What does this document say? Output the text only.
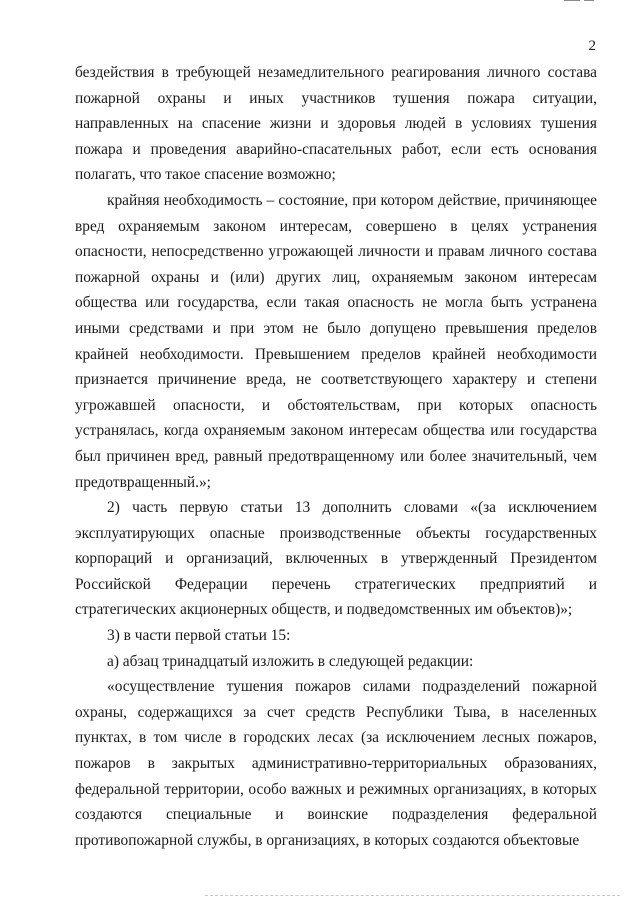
2

бездействия в требующей незамедлительного реагирования личного состава пожарной охраны и иных участников тушения пожара ситуации, направленных на спасение жизни и здоровья людей в условиях тушения пожара и проведения аварийно-спасательных работ, если есть основания полагать, что такое спасение возможно;

крайняя необходимость – состояние, при котором действие, причиняющее вред охраняемым законом интересам, совершено в целях устранения опасности, непосредственно угрожающей личности и правам личного состава пожарной охраны и (или) других лиц, охраняемым законом интересам общества или государства, если такая опасность не могла быть устранена иными средствами и при этом не было допущено превышения пределов крайней необходимости. Превышением пределов крайней необходимости признается причинение вреда, не соответствующего характеру и степени угрожавшей опасности, и обстоятельствам, при которых опасность устранялась, когда охраняемым законом интересам общества или государства был причинен вред, равный предотвращенному или более значительный, чем предотвращенный.»;

2) часть первую статьи 13 дополнить словами «(за исключением эксплуатирующих опасные производственные объекты государственных корпораций и организаций, включенных в утвержденный Президентом Российской Федерации перечень стратегических предприятий и стратегических акционерных обществ, и подведомственных им объектов)»;

3) в части первой статьи 15:

а) абзац тринадцатый изложить в следующей редакции:

«осуществление тушения пожаров силами подразделений пожарной охраны, содержащихся за счет средств Республики Тыва, в населенных пунктах, в том числе в городских лесах (за исключением лесных пожаров, пожаров в закрытых административно-территориальных образованиях, федеральной территории, особо важных и режимных организациях, в которых создаются специальные и воинские подразделения федеральной противопожарной службы, в организациях, в которых создаются объектовые
